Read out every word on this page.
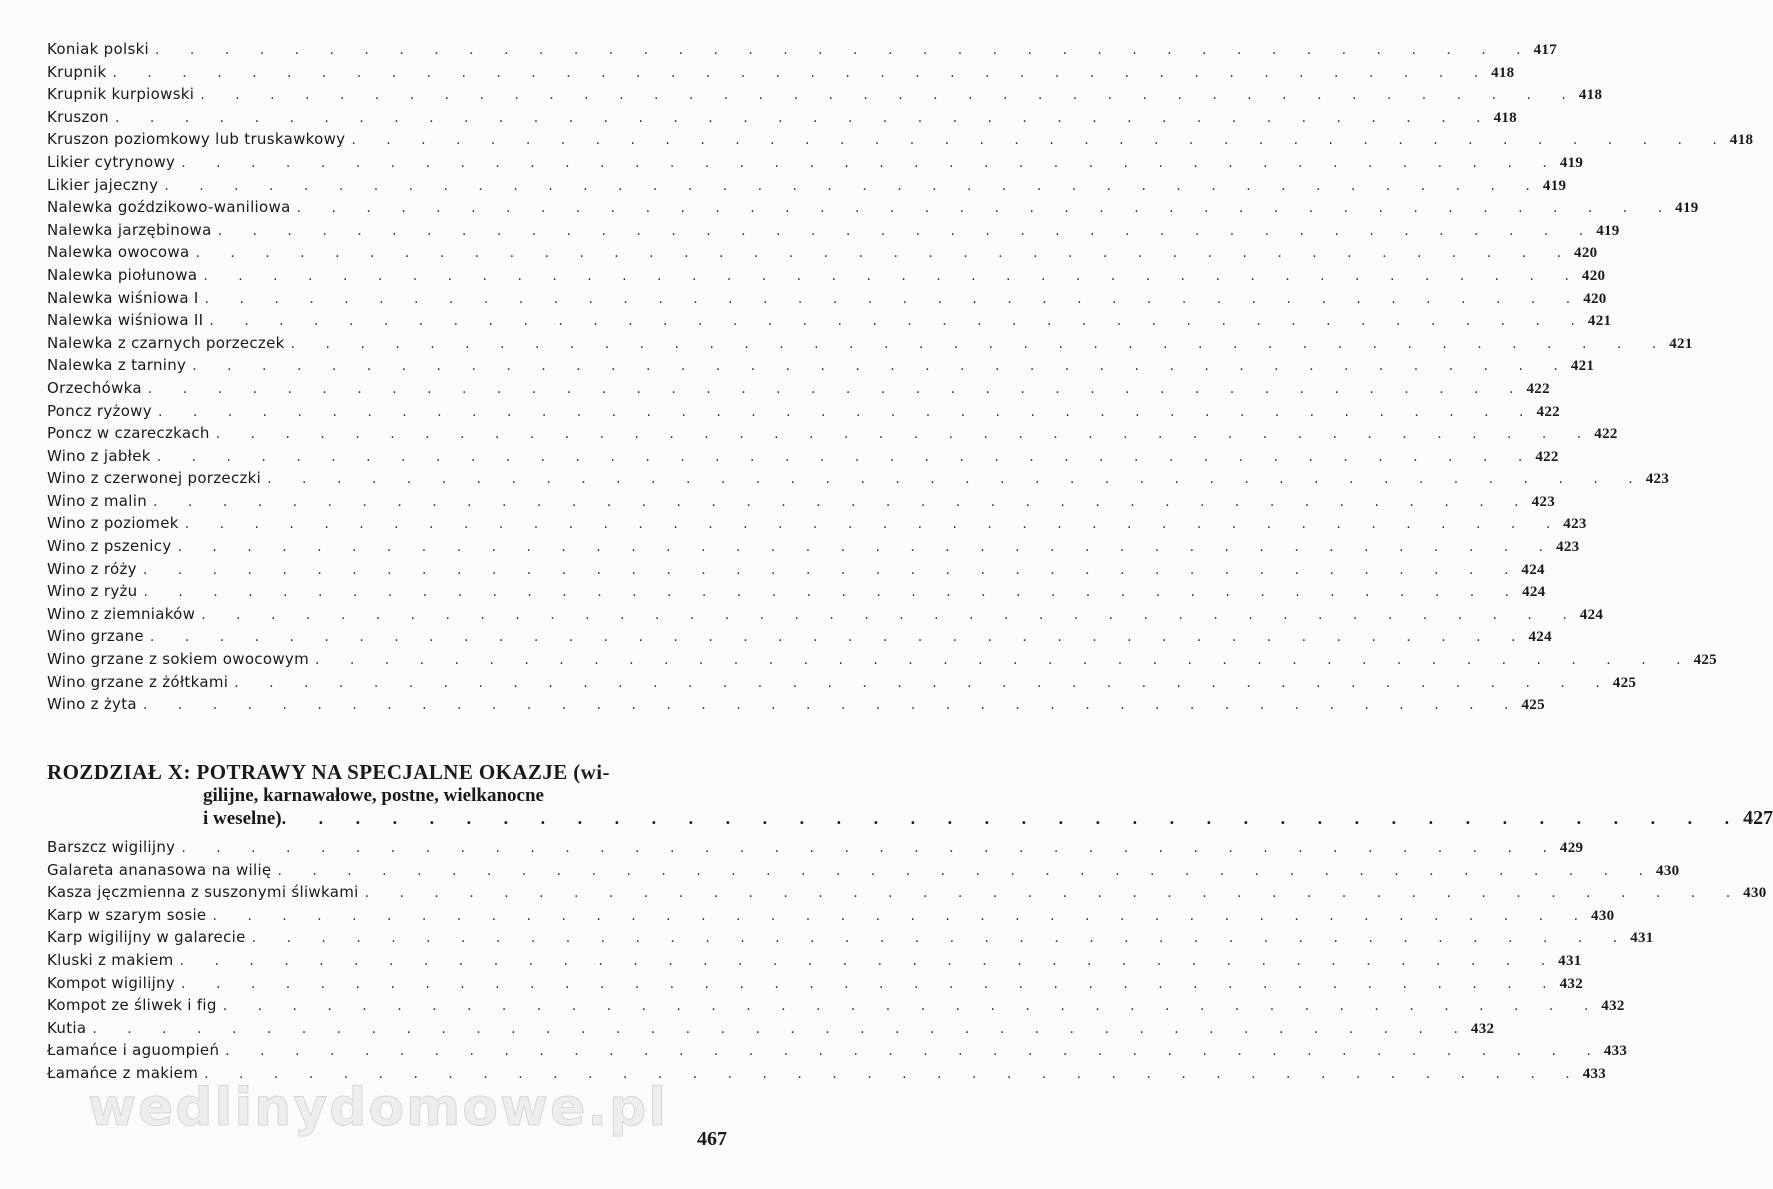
Koniak polski . . . . . . . . . . . . . . . . . . . . . . . . . . . . . . . . . . . . . . . . 417
Krupnik . . . . . . . . . . . . . . . . . . . . . . . . . . . . . . . . . . . . . . . . 418
Krupnik kurpiowski . . . . . . . . . . . . . . . . . . . . . . . . . . . . . . . . . . . . . . . . 418
Kruszon . . . . . . . . . . . . . . . . . . . . . . . . . . . . . . . . . . . . . . . . 418
Kruszon poziomkowy lub truskawkowy . . . . . . . . . . . . . . . . . . . . . . . . . . . . . . . . . . . . . . . . 418
Likier cytrynowy . . . . . . . . . . . . . . . . . . . . . . . . . . . . . . . . . . . . . . . . 419
Likier jajeczny . . . . . . . . . . . . . . . . . . . . . . . . . . . . . . . . . . . . . . . . 419
Nalewka goździkowo-waniliowa . . . . . . . . . . . . . . . . . . . . . . . . . . . . . . . . . . . . . . . . 419
Nalewka jarzębinowa . . . . . . . . . . . . . . . . . . . . . . . . . . . . . . . . . . . . . . . . 419
Nalewka owocowa . . . . . . . . . . . . . . . . . . . . . . . . . . . . . . . . . . . . . . . . 420
Nalewka piołunowa . . . . . . . . . . . . . . . . . . . . . . . . . . . . . . . . . . . . . . . . 420
Nalewka wiśniowa I . . . . . . . . . . . . . . . . . . . . . . . . . . . . . . . . . . . . . . . . 420
Nalewka wiśniowa II . . . . . . . . . . . . . . . . . . . . . . . . . . . . . . . . . . . . . . . . 421
Nalewka z czarnych porzeczek . . . . . . . . . . . . . . . . . . . . . . . . . . . . . . . . . . . . . . . . 421
Nalewka z tarniny . . . . . . . . . . . . . . . . . . . . . . . . . . . . . . . . . . . . . . . . 421
Orzechówka . . . . . . . . . . . . . . . . . . . . . . . . . . . . . . . . . . . . . . . . 422
Poncz ryżowy . . . . . . . . . . . . . . . . . . . . . . . . . . . . . . . . . . . . . . . . 422
Poncz w czareczkach . . . . . . . . . . . . . . . . . . . . . . . . . . . . . . . . . . . . . . . . 422
Wino z jabłek . . . . . . . . . . . . . . . . . . . . . . . . . . . . . . . . . . . . . . . . 422
Wino z czerwonej porzeczki . . . . . . . . . . . . . . . . . . . . . . . . . . . . . . . . . . . . . . . . 423
Wino z malin . . . . . . . . . . . . . . . . . . . . . . . . . . . . . . . . . . . . . . . . 423
Wino z poziomek . . . . . . . . . . . . . . . . . . . . . . . . . . . . . . . . . . . . . . . . 423
Wino z pszenicy . . . . . . . . . . . . . . . . . . . . . . . . . . . . . . . . . . . . . . . . 423
Wino z róży . . . . . . . . . . . . . . . . . . . . . . . . . . . . . . . . . . . . . . . . 424
Wino z ryżu . . . . . . . . . . . . . . . . . . . . . . . . . . . . . . . . . . . . . . . . 424
Wino z ziemniaków . . . . . . . . . . . . . . . . . . . . . . . . . . . . . . . . . . . . . . . . 424
Wino grzane . . . . . . . . . . . . . . . . . . . . . . . . . . . . . . . . . . . . . . . . 424
Wino grzane z sokiem owocowym . . . . . . . . . . . . . . . . . . . . . . . . . . . . . . . . . . . . . . . . 425
Wino grzane z żółtkami . . . . . . . . . . . . . . . . . . . . . . . . . . . . . . . . . . . . . . . . 425
Wino z żyta . . . . . . . . . . . . . . . . . . . . . . . . . . . . . . . . . . . . . . . . 425
ROZDZIAŁ X: POTRAWY NA SPECJALNE OKAZJE (wi-
gilijne, karnawałowe, postne, wielkanocne
i weselne) . . . . . . . . . . . . . . . . . . . . . . . . . . . . . . . . . . . . . . . . 427
Barszcz wigilijny . . . . . . . . . . . . . . . . . . . . . . . . . . . . . . . . . . . . . . . . 429
Galareta ananasowa na wilię . . . . . . . . . . . . . . . . . . . . . . . . . . . . . . . . . . . . . . . . 430
Kasza jęczmienna z suszonymi śliwkami . . . . . . . . . . . . . . . . . . . . . . . . . . . . . . . . . . . . . . . . 430
Karp w szarym sosie . . . . . . . . . . . . . . . . . . . . . . . . . . . . . . . . . . . . . . . . 430
Karp wigilijny w galarecie . . . . . . . . . . . . . . . . . . . . . . . . . . . . . . . . . . . . . . . . 431
Kluski z makiem . . . . . . . . . . . . . . . . . . . . . . . . . . . . . . . . . . . . . . . . 431
Kompot wigilijny . . . . . . . . . . . . . . . . . . . . . . . . . . . . . . . . . . . . . . . . 432
Kompot ze śliwek i fig . . . . . . . . . . . . . . . . . . . . . . . . . . . . . . . . . . . . . . . . 432
Kutia . . . . . . . . . . . . . . . . . . . . . . . . . . . . . . . . . . . . . . . . 432
Łamańce i aguompień . . . . . . . . . . . . . . . . . . . . . . . . . . . . . . . . . . . . . . . . 433
Łamańce z makiem . . . . . . . . . . . . . . . . . . . . . . . . . . . . . . . . . . . . . . . . 433
wedlinydomowe.pl
467
